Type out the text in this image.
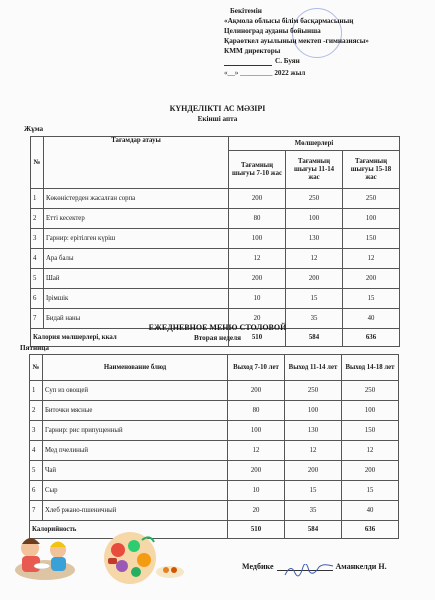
Бекітемін
«Ақмола облысы білім басқармасының
Целиноград ауданы бойынша
Қараөткел ауылының мектеп -гимназиясы»
КММ директоры
С. Буян
«__» _________ 2022 жыл
КҮНДЕЛІКТІ АС МӘЗІРІ
Екінші апта
Жұма
№	Тағамдар атауы	Мөлшерлері		
		Тағамның шығуы 7-10 жас	Тағамның шығуы 11-14 жас	Тағамның шығуы 15-18 жас
1	Көкөністерден жасалған сорпа	200	250	250
2	Етті кесектер	80	100	100
3	Гарнир: ерітілген күріш	100	130	150
4	Ара балы	12	12	12
5	Шай	200	200	200
6	Ірімшік	10	15	15
7	Бидай наны	20	35	40
Калория мөлшерлері, ккал		510	584	636
ЕЖЕДНЕВНОЕ МЕНЮ СТОЛОВОЙ
Вторая неделя
Пятница
№	Наименование блюд	Выход 7-10 лет	Выход 11-14 лет	Выход 14-18 лет
1	Суп из овощей	200	250	250
2	Биточки мясные	80	100	100
3	Гарнир: рис припущенный	100	130	150
4	Мед пчелиный	12	12	12
5	Чай	200	200	200
6	Сыр	10	15	15
7	Хлеб ржано-пшеничный	20	35	40
Калорийность		510	584	636
Медбике	Аманкелди Н.
